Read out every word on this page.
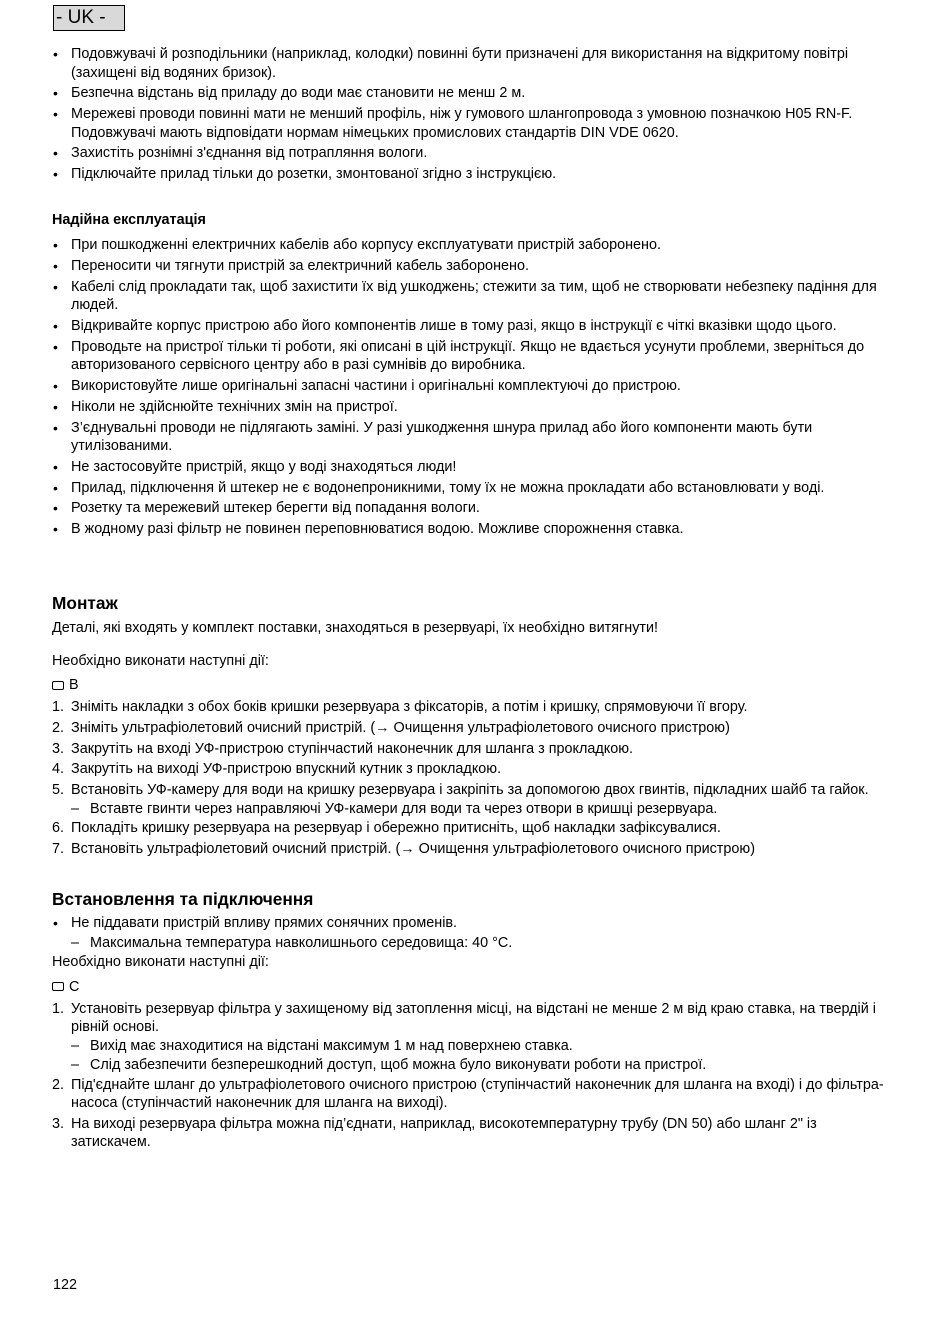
- UK -
• Подовжувачі й розподільники (наприклад, колодки) повинні бути призначені для використання на відкритому повітрі (захищені від водяних бризок).
• Безпечна відстань від приладу до води має становити не менш 2 м.
• Мережеві проводи повинні мати не менший профіль, ніж у гумового шлангопровода з умовною позначкою H05 RN-F. Подовжувачі мають відповідати нормам німецьких промислових стандартів DIN VDE 0620.
• Захистіть рознімні з'єднання від потрапляння вологи.
• Підключайте прилад тільки до розетки, змонтованої згідно з інструкцією.
Надійна експлуатація
• При пошкодженні електричних кабелів або корпусу експлуатувати пристрій заборонено.
• Переносити чи тягнути пристрій за електричний кабель заборонено.
• Кабелі слід прокладати так, щоб захистити їх від ушкоджень; стежити за тим, щоб не створювати небезпеку падіння для людей.
• Відкривайте корпус пристрою або його компонентів лише в тому разі, якщо в інструкції є чіткі вказівки щодо цього.
• Проводьте на пристрої тільки ті роботи, які описані в цій інструкції. Якщо не вдається усунути проблеми, зверніться до авторизованого сервісного центру або в разі сумнівів до виробника.
• Використовуйте лише оригінальні запасні частини і оригінальні комплектуючі до пристрою.
• Ніколи не здійснюйте технічних змін на пристрої.
• З’єднувальні проводи не підлягають заміні. У разі ушкодження шнура прилад або його компоненти мають бути утилізованими.
• Не застосовуйте пристрій, якщо у воді знаходяться люди!
• Прилад, підключення й штекер не є водонепроникними, тому їх не можна прокладати або встановлювати у воді.
• Розетку та мережевий штекер берегти від попадання вологи.
• В жодному разі фільтр не повинен переповнюватися водою. Можливе спорожнення ставка.
Монтаж
Деталі, які входять у комплект поставки, знаходяться в резервуарі, їх необхідно витягнути!
Необхідно виконати наступні дії:
B
1. Зніміть накладки з обох боків кришки резервуара з фіксаторів, а потім і кришку, спрямовуючи її вгору.
2. Зніміть ультрафіолетовий очисний пристрій. (→ Очищення ультрафіолетового очисного пристрою)
3. Закрутіть на вході УФ-пристрою ступінчастий наконечник для шланга з прокладкою.
4. Закрутіть на виході УФ-пристрою впускний кутник з прокладкою.
5. Встановіть УФ-камеру для води на кришку резервуара і закріпіть за допомогою двох гвинтів, підкладних шайб та гайок.
– Вставте гвинти через направляючі УФ-камери для води та через отвори в кришці резервуара.
6. Покладіть кришку резервуара на резервуар і обережно притисніть, щоб накладки зафіксувалися.
7. Встановіть ультрафіолетовий очисний пристрій. (→ Очищення ультрафіолетового очисного пристрою)
Встановлення та підключення
• Не піддавати пристрій впливу прямих сонячних променів.
– Максимальна температура навколишнього середовища: 40 °C.
Необхідно виконати наступні дії:
C
1. Установіть резервуар фільтра у захищеному від затоплення місці, на відстані не менше 2 м від краю ставка, на твердій і рівній основі.
– Вихід має знаходитися на відстані максимум 1 м над поверхнею ставка.
– Слід забезпечити безперешкодний доступ, щоб можна було виконувати роботи на пристрої.
2. Під'єднайте шланг до ультрафіолетового очисного пристрою (ступінчастий наконечник для шланга на вході) і до фільтра-насоса (ступінчастий наконечник для шланга на виході).
3. На виході резервуара фільтра можна під’єднати, наприклад, високотемпературну трубу (DN 50) або шланг 2" із затискачем.
122
